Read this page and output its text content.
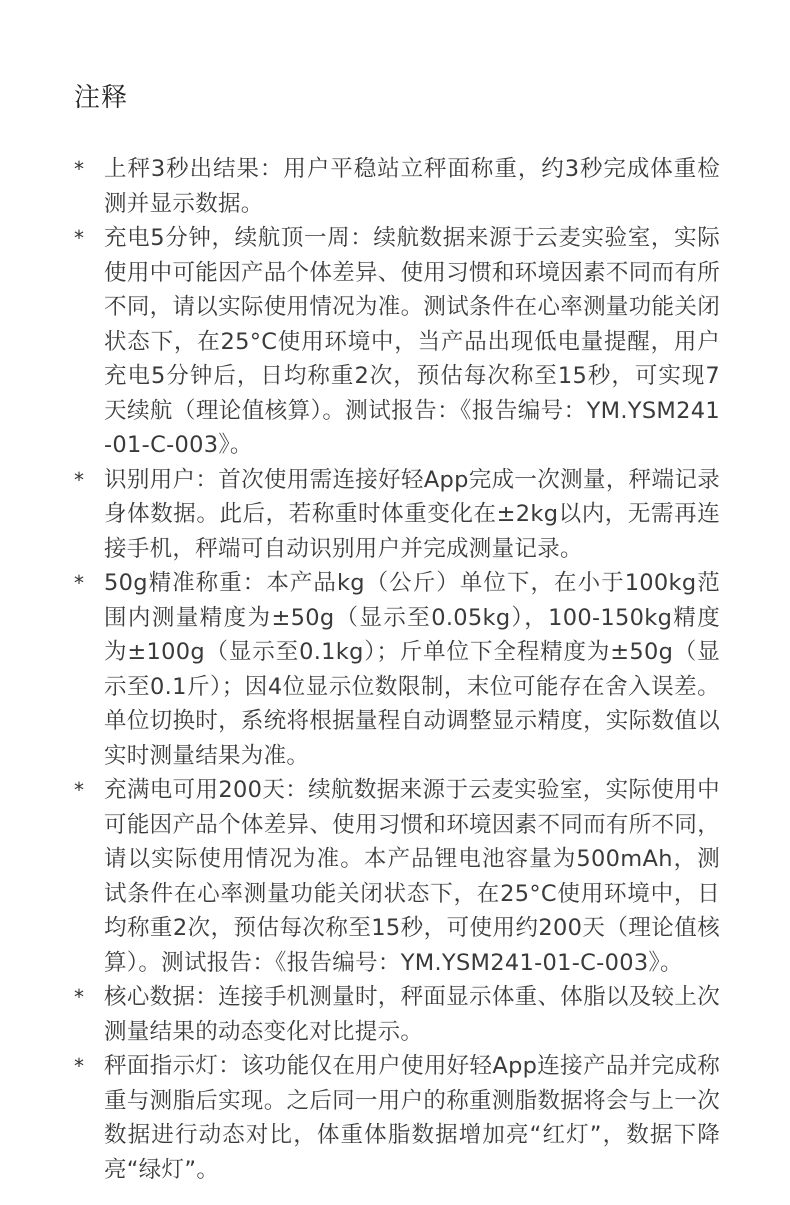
注释
* 上秤3秒出结果：用户平稳站立秤面称重，约3秒完成体重检测并显示数据。
* 充电5分钟，续航顶一周：续航数据来源于云麦实验室，实际使用中可能因产品个体差异、使用习惯和环境因素不同而有所不同，请以实际使用情况为准。测试条件在心率测量功能关闭状态下，在25°C使用环境中，当产品出现低电量提醒，用户充电5分钟后，日均称重2次，预估每次称至15秒，可实现7天续航（理论值核算）。测试报告：《报告编号：YM.YSM241-01-C-003》。
* 识别用户：首次使用需连接好轻App完成一次测量，秤端记录身体数据。此后，若称重时体重变化在±2kg以内，无需再连接手机，秤端可自动识别用户并完成测量记录。
* 50g精准称重：本产品kg（公斤）单位下，在小于100kg范围内测量精度为±50g（显示至0.05kg），100-150kg精度为±100g（显示至0.1kg）；斤单位下全程精度为±50g（显示至0.1斤）；因4位显示位数限制，末位可能存在舍入误差。单位切换时，系统将根据量程自动调整显示精度，实际数值以实时测量结果为准。
* 充满电可用200天：续航数据来源于云麦实验室，实际使用中可能因产品个体差异、使用习惯和环境因素不同而有所不同，请以实际使用情况为准。本产品锂电池容量为500mAh，测试条件在心率测量功能关闭状态下，在25°C使用环境中，日均称重2次，预估每次称至15秒，可使用约200天（理论值核算）。测试报告：《报告编号：YM.YSM241-01-C-003》。
* 核心数据：连接手机测量时，秤面显示体重、体脂以及较上次测量结果的动态变化对比提示。
* 秤面指示灯：该功能仅在用户使用好轻App连接产品并完成称重与测脂后实现。之后同一用户的称重测脂数据将会与上一次数据进行动态对比，体重体脂数据增加亮“红灯”，数据下降亮“绿灯”。
